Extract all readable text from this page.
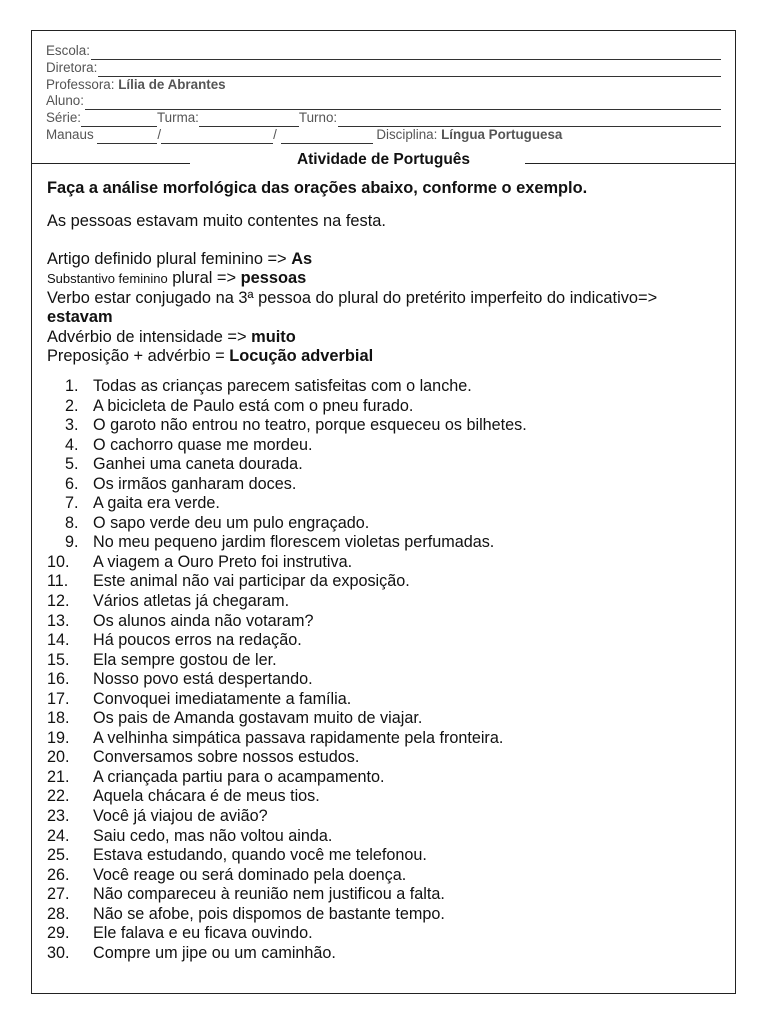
Escola:
Diretora:
Professora:
Lília de Abrantes
Aluno:
Série:	Turma:	Turno:
Manaus
	/	/

	Disciplina:
Língua Portuguesa
Atividade de Português
Faça a análise morfológica das orações abaixo, conforme o exemplo.
As pessoas estavam muito contentes na festa.
Artigo definido plural feminino => As
Substantivo feminino plural => pessoas
Verbo estar conjugado na 3ª pessoa do plural do pretérito imperfeito do indicativo=>
estavam
Advérbio de intensidade => muito
Preposição + advérbio = Locução adverbial
1. Todas as crianças parecem satisfeitas com o lanche.
2. A bicicleta de Paulo está com o pneu furado.
3. O garoto não entrou no teatro, porque esqueceu os bilhetes.
4. O cachorro quase me mordeu.
5. Ganhei uma caneta dourada.
6. Os irmãos ganharam doces.
7. A gaita era verde.
8. O sapo verde deu um pulo engraçado.
9. No meu pequeno jardim florescem violetas perfumadas.
10.	A viagem a Ouro Preto foi instrutiva.
11.	Este animal não vai participar da exposição.
12.	Vários atletas já chegaram.
13.	Os alunos ainda não votaram?
14.	Há poucos erros na redação.
15.	Ela sempre gostou de ler.
16.	Nosso povo está despertando.
17.	Convoquei imediatamente a família.
18.	Os pais de Amanda gostavam muito de viajar.
19.	A velhinha simpática passava rapidamente pela fronteira.
20.	Conversamos sobre nossos estudos.
21.	A criançada partiu para o acampamento.
22.	Aquela chácara é de meus tios.
23.	Você já viajou de avião?
24.	Saiu cedo, mas não voltou ainda.
25.	Estava estudando, quando você me telefonou.
26.	Você reage ou será dominado pela doença.
27.	Não compareceu à reunião nem justificou a falta.
28.	Não se afobe, pois dispomos de bastante tempo.
29.	Ele falava e eu ficava ouvindo.
30.	Compre um jipe ou um caminhão.
